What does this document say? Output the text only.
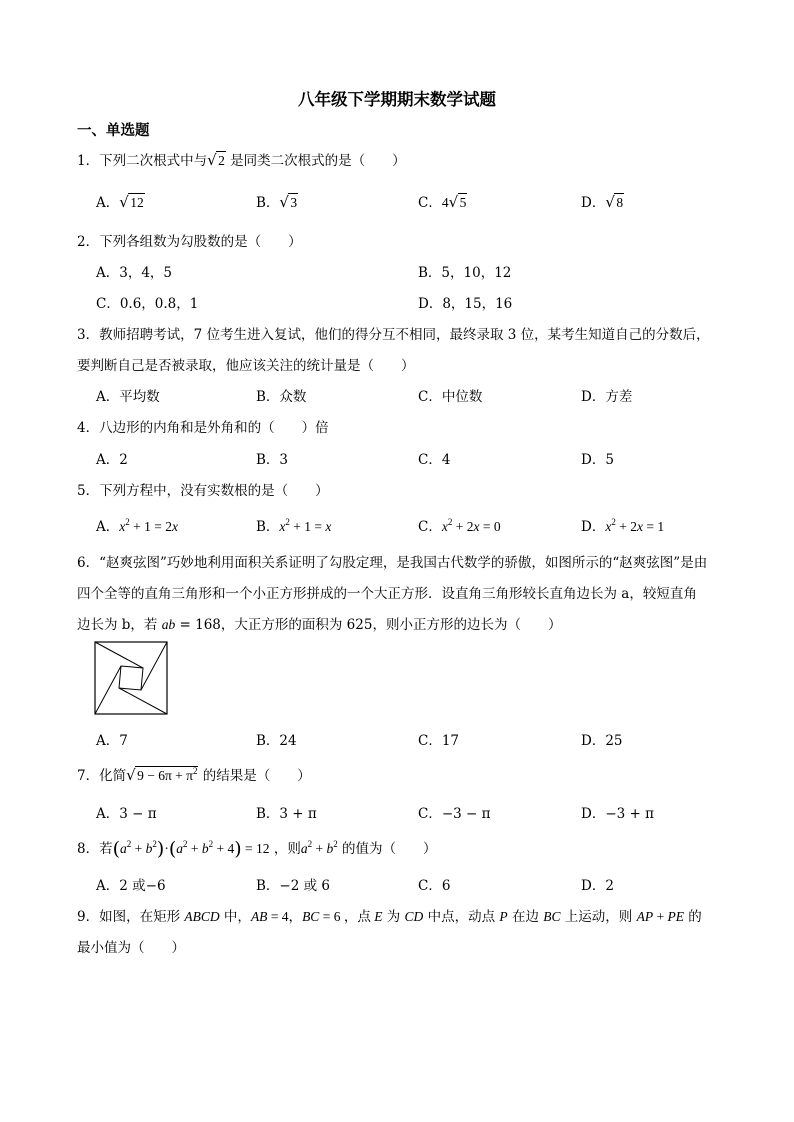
八年级下学期期末数学试题
一、单选题
1．下列二次根式中与 √ 2 是同类二次根式的是（　　）
A． √ 12	B． √ 3	C．4 √ 5	D． √ 8
2．下列各组数为勾股数的是（　　）
A．3，4，5	B．5，10，12
C．0.6，0.8，1	D．8，15，16
3．教师招聘考试，7 位考生进入复试，他们的得分互不相同，最终录取 3 位，某考生知道自己的分数后，
要判断自己是否被录取，他应该关注的统计量是（　　）
A．平均数	B．众数	C．中位数	D．方差
4．八边形的内角和是外角和的（　　）倍
A．2	B．3	C．4	D．5
5．下列方程中，没有实数根的是（　　）
A．$x^2 + 1 = 2x$	B．$x^2 + 1 = x$	C．$x^2 + 2x = 0$	D．$x^2 + 2x = 1$
6．“赵爽弦图”巧妙地利用面积关系证明了勾股定理，是我国古代数学的骄傲，如图所示的“赵爽弦图”是由
四个全等的直角三角形和一个小正方形拼成的一个大正方形．设直角三角形较长直角边长为 a，较短直角
边长为 b，若 ab = 168，大正方形的面积为 625，则小正方形的边长为（　　）
A．7	B．24	C．17	D．25
7．化简 √ $9 - 6\pi + \pi^2$ 的结果是（　　）
A．3 − π	B．3 + π	C．−3 − π	D．−3 + π
8．若$(a^2 + b^2)\cdot(a^2 + b^2 + 4) = 12$ ，则$a^2 + b^2$ 的值为（　　）
A．2 或−6	B．−2 或 6	C．6	D．2
9．如图，在矩形 ABCD 中，AB = 4，BC = 6 ，点 E 为 CD 中点，动点 P 在边 BC 上运动，则 AP + PE 的
最小值为（　　）
